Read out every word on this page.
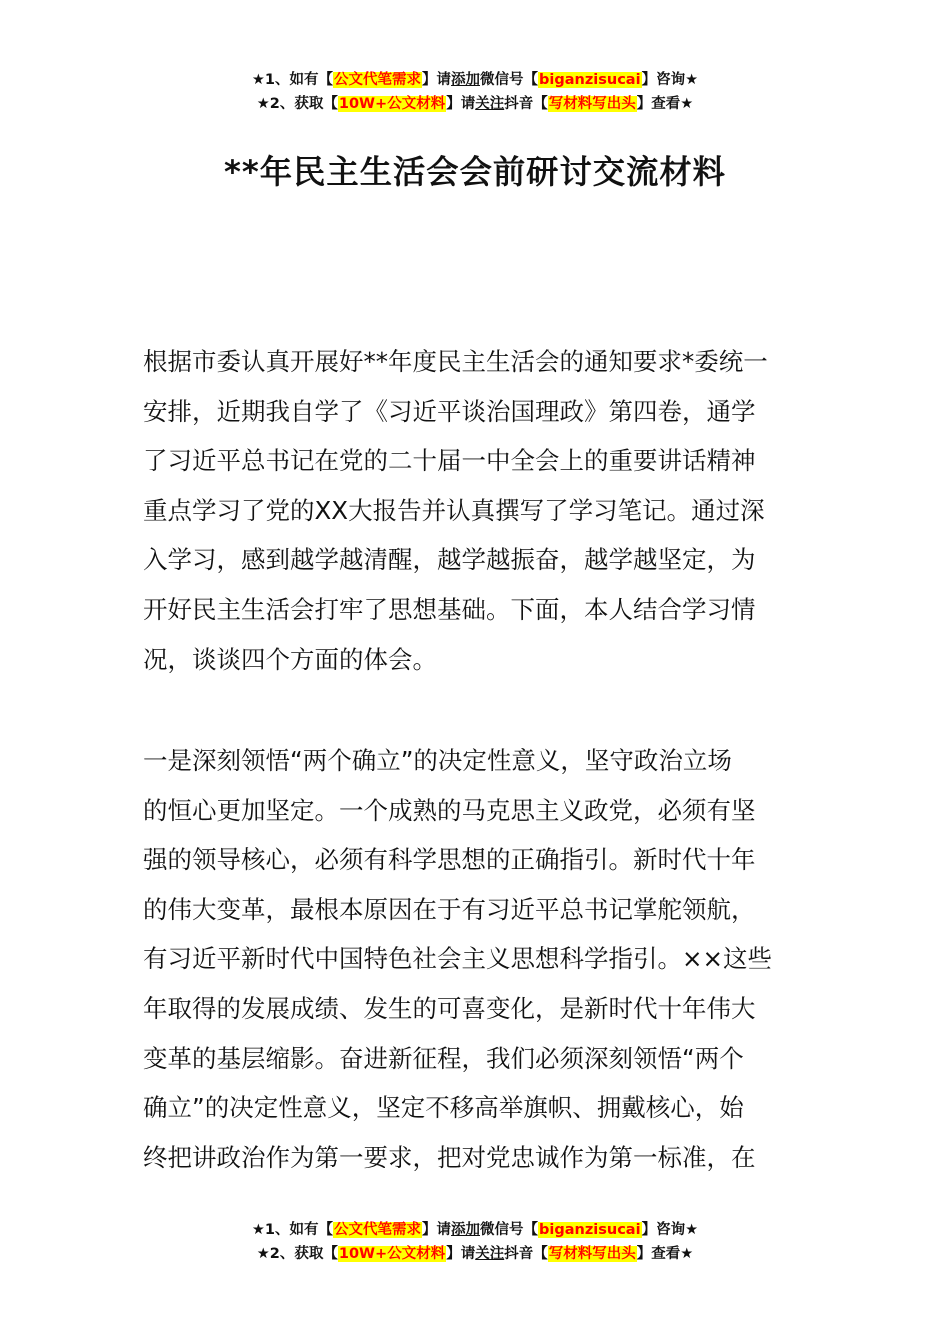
★1、如有【公文代笔需求】请添加微信号【biganzisucai】咨询★
★2、获取【10W+公文材料】请关注抖音【写材料写出头】查看★
**年民主生活会会前研讨交流材料
根据市委认真开展好**年度民主生活会的通知要求*委统一
安排，近期我自学了《习近平谈治国理政》第四卷，通学
了习近平总书记在党的二十届一中全会上的重要讲话精神
重点学习了党的XX大报告并认真撰写了学习笔记。通过深
入学习，感到越学越清醒，越学越振奋，越学越坚定，为
开好民主生活会打牢了思想基础。下面，本人结合学习情
况，谈谈四个方面的体会。
一是深刻领悟“两个确立”的决定性意义，坚守政治立场
的恒心更加坚定。一个成熟的马克思主义政党，必须有坚
强的领导核心，必须有科学思想的正确指引。新时代十年
的伟大变革，最根本原因在于有习近平总书记掌舵领航，
有习近平新时代中国特色社会主义思想科学指引。××这些
年取得的发展成绩、发生的可喜变化，是新时代十年伟大
变革的基层缩影。奋进新征程，我们必须深刻领悟“两个
确立”的决定性意义，坚定不移高举旗帜、拥戴核心，始
终把讲政治作为第一要求，把对党忠诚作为第一标准，在
★1、如有【公文代笔需求】请添加微信号【biganzisucai】咨询★
★2、获取【10W+公文材料】请关注抖音【写材料写出头】查看★
